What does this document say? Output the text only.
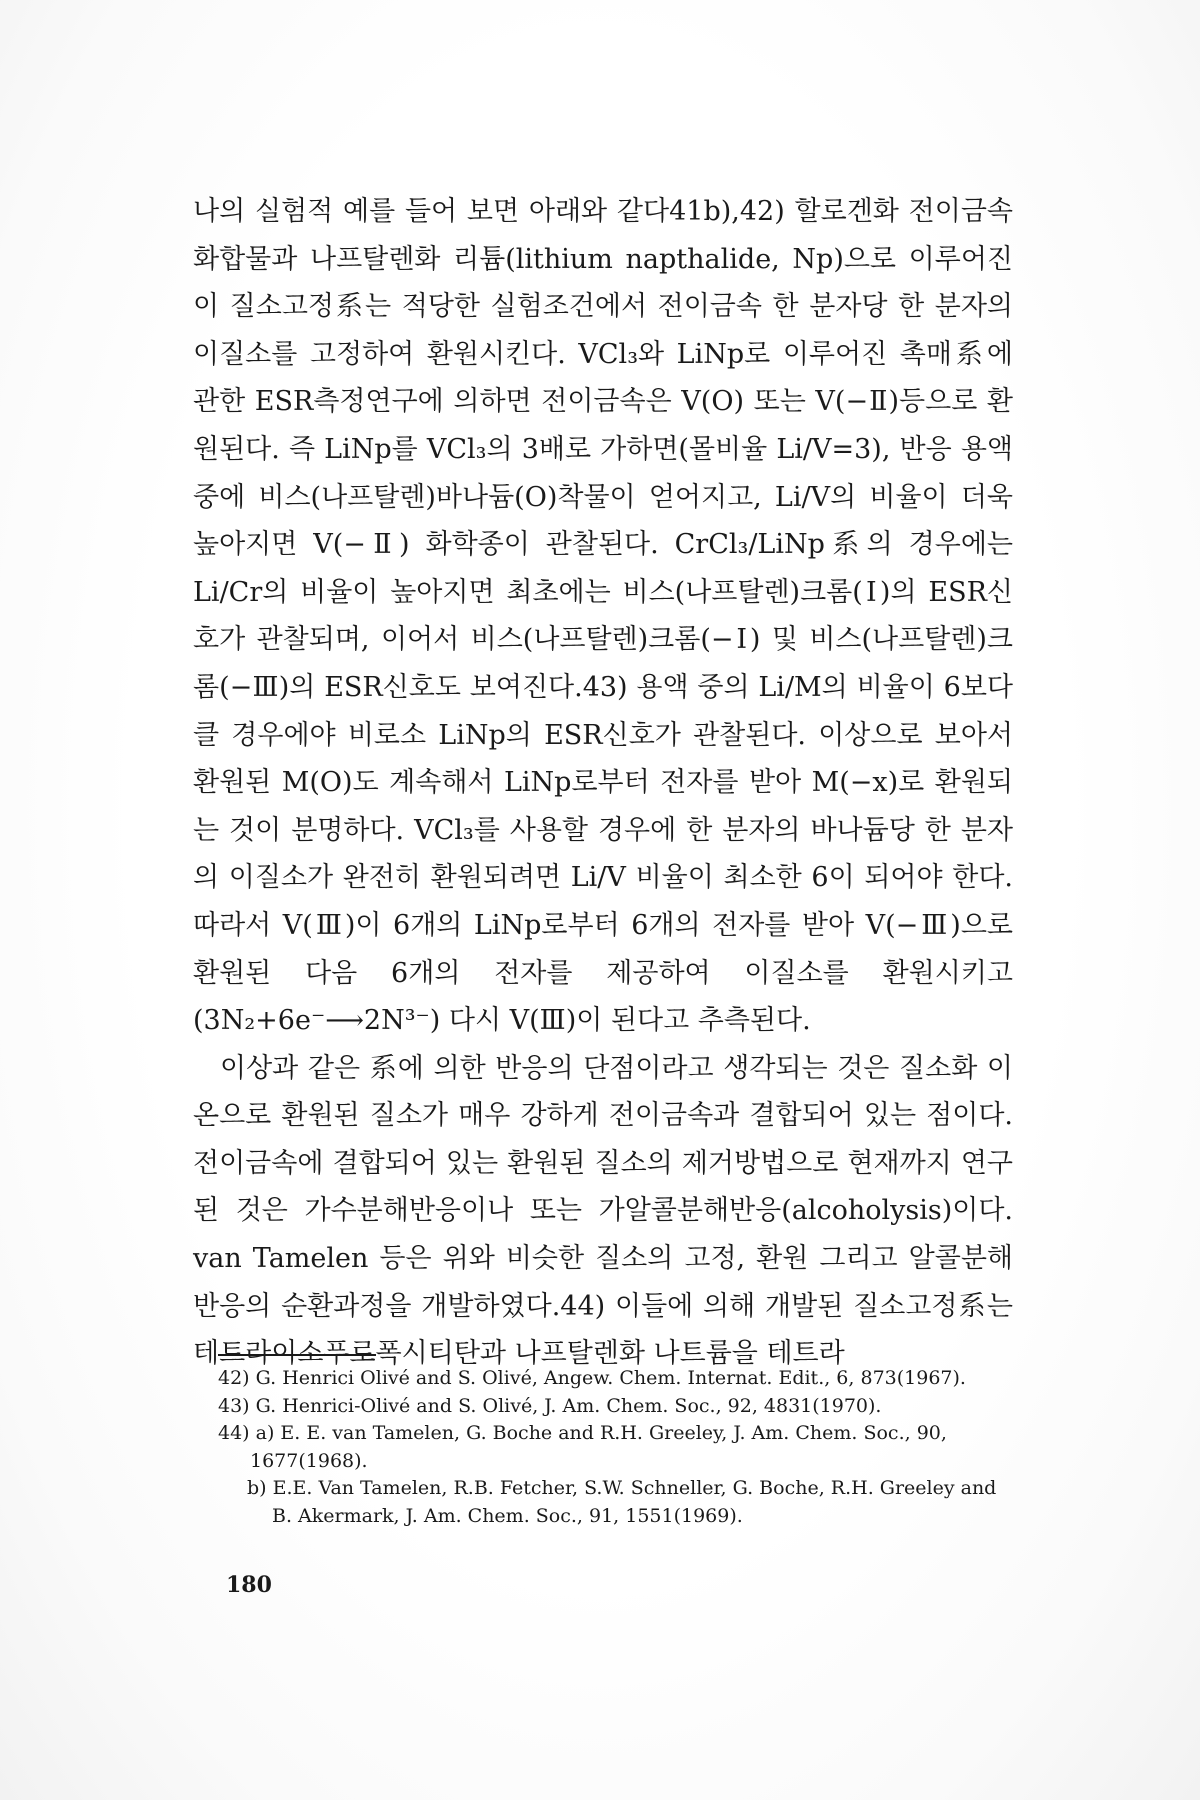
나의 실험적 예를 들어 보면 아래와 같다41b),42) 할로겐화 전이금속 화합물과 나프탈렌화 리튬(lithium napthalide, Np)으로 이루어진 이 질소고정系는 적당한 실험조건에서 전이금속 한 분자당 한 분자의 이질소를 고정하여 환원시킨다. VCl₃와 LiNp로 이루어진 촉매系에 관한 ESR측정연구에 의하면 전이금속은 V(O) 또는 V(−Ⅱ)등으로 환원된다. 즉 LiNp를 VCl₃의 3배로 가하면(몰비율 Li/V=3), 반응 용액 중에 비스(나프탈렌)바나듐(O)착물이 얻어지고, Li/V의 비율이 더욱 높아지면 V(−Ⅱ) 화학종이 관찰된다. CrCl₃/LiNp系의 경우에는 Li/Cr의 비율이 높아지면 최초에는 비스(나프탈렌)크롬(Ⅰ)의 ESR신호가 관찰되며, 이어서 비스(나프탈렌)크롬(−Ⅰ) 및 비스(나프탈렌)크롬(−Ⅲ)의 ESR신호도 보여진다.43) 용액 중의 Li/M의 비율이 6보다 클 경우에야 비로소 LiNp의 ESR신호가 관찰된다. 이상으로 보아서 환원된 M(O)도 계속해서 LiNp로부터 전자를 받아 M(−x)로 환원되는 것이 분명하다. VCl₃를 사용할 경우에 한 분자의 바나듐당 한 분자의 이질소가 완전히 환원되려면 Li/V 비율이 최소한 6이 되어야 한다. 따라서 V(Ⅲ)이 6개의 LiNp로부터 6개의 전자를 받아 V(−Ⅲ)으로 환원된 다음 6개의 전자를 제공하여 이질소를 환원시키고(3N₂+6e⁻⟶2N³⁻) 다시 V(Ⅲ)이 된다고 추측된다.

이상과 같은 系에 의한 반응의 단점이라고 생각되는 것은 질소화 이온으로 환원된 질소가 매우 강하게 전이금속과 결합되어 있는 점이다. 전이금속에 결합되어 있는 환원된 질소의 제거방법으로 현재까지 연구된 것은 가수분해반응이나 또는 가알콜분해반응(alcoholysis)이다. van Tamelen 등은 위와 비슷한 질소의 고정, 환원 그리고 알콜분해반응의 순환과정을 개발하였다.44) 이들에 의해 개발된 질소고정系는 테트라이소푸로폭시티탄과 나프탈렌화 나트륨을 테트라

42) G. Henrici Olivé and S. Olivé, Angew. Chem. Internat. Edit., 6, 873(1967).
43) G. Henrici-Olivé and S. Olivé, J. Am. Chem. Soc., 92, 4831(1970).
44) a) E. E. van Tamelen, G. Boche and R.H. Greeley, J. Am. Chem. Soc., 90, 1677(1968).
b) E.E. Van Tamelen, R.B. Fetcher, S.W. Schneller, G. Boche, R.H. Greeley and B. Akermark, J. Am. Chem. Soc., 91, 1551(1969).
180
